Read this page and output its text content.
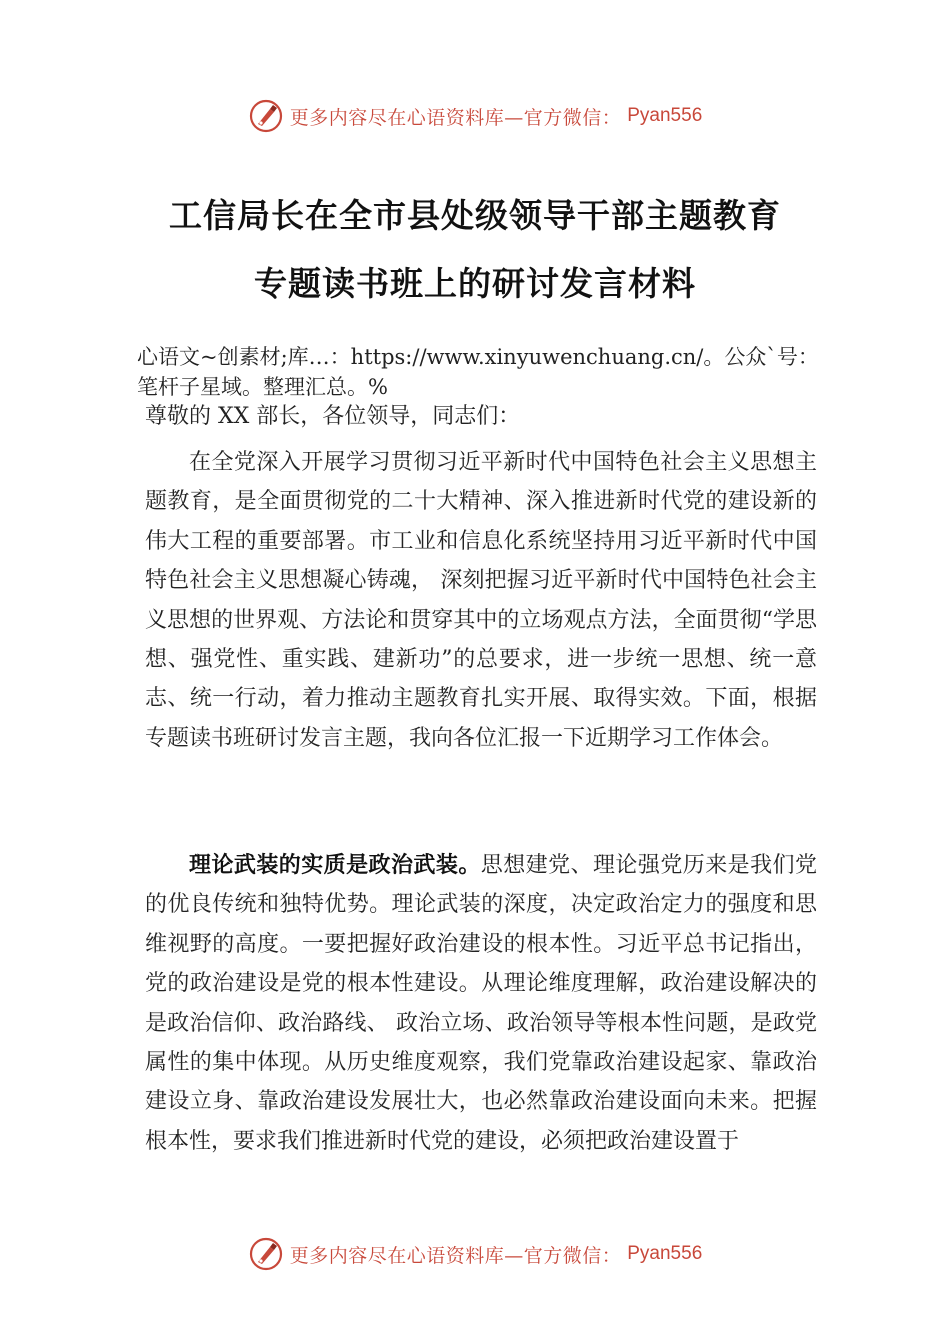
更多内容尽在心语资料库—官方微信： Pyan556
工信局长在全市县处级领导干部主题教育
专题读书班上的研讨发言材料
心语文~创素材;库…：https://www.xinyuwenchuang.cn/。公众`号：笔杆子星域。整理汇总。%
尊敬的 XX 部长，各位领导，同志们：

在全党深入开展学习贯彻习近平新时代中国特色社会主义思想主题教育，是全面贯彻党的二十大精神、深入推进新时代党的建设新的伟大工程的重要部署。市工业和信息化系统坚持用习近平新时代中国特色社会主义思想凝心铸魂， 深刻把握习近平新时代中国特色社会主义思想的世界观、方法论和贯穿其中的立场观点方法，全面贯彻“学思想、强党性、重实践、建新功”的总要求，进一步统一思想、统一意志、统一行动，着力推动主题教育扎实开展、取得实效。下面，根据专题读书班研讨发言主题，我向各位汇报一下近期学习工作体会。

理论武装的实质是政治武装。思想建党、理论强党历来是我们党的优良传统和独特优势。理论武装的深度，决定政治定力的强度和思维视野的高度。一要把握好政治建设的根本性。习近平总书记指出，党的政治建设是党的根本性建设。从理论维度理解，政治建设解决的是政治信仰、政治路线、 政治立场、政治领导等根本性问题，是政党属性的集中体现。从历史维度观察，我们党靠政治建设起家、靠政治建设立身、靠政治建设发展壮大，也必然靠政治建设面向未来。把握根本性，要求我们推进新时代党的建设，必须把政治建设置于

更多内容尽在心语资料库—官方微信： Pyan556
